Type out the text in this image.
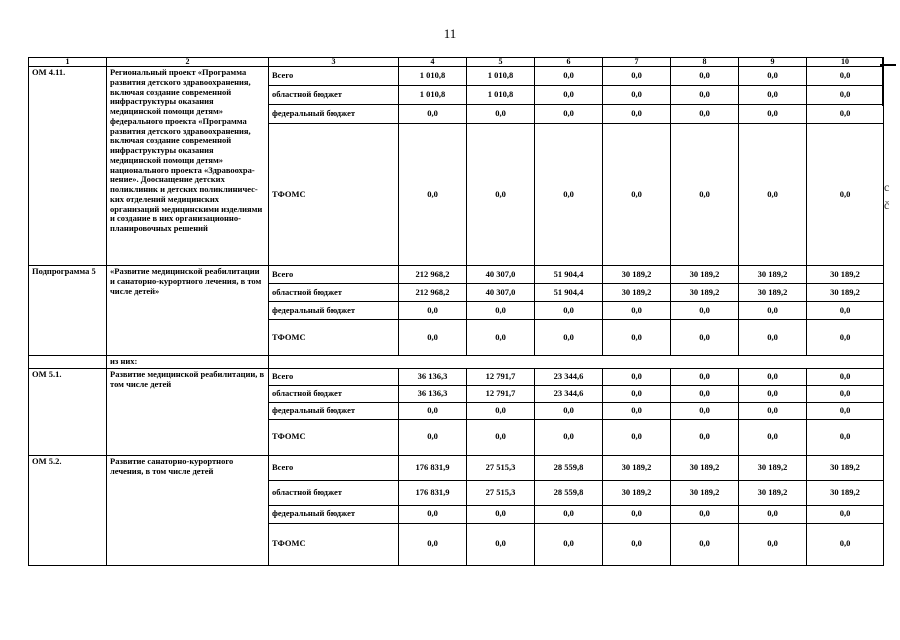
11
c
č
1	2	3	4	5	6	7	8	9	10
ОМ 4.11.	Региональный проект «Программа развития детского здравоохранения, включая создание современной инфраструктуры оказания медицинской помощи детям» федерального проекта «Программа развития детского здравоохранения, включая создание современной инфраструктуры оказания медицинской помощи детям» национального проекта «Здравоохра-нение». Дооснащение детских поликлиник и детских поликлиничес-ких отделений медицинских организаций медицинскими изделиями и создание в них организационно-планировочных решений	Всего	1 010,8	1 010,8	0,0	0,0	0,0	0,0	0,0
		областной бюджет	1 010,8	1 010,8	0,0	0,0	0,0	0,0	0,0
		федеральный бюджет	0,0	0,0	0,0	0,0	0,0	0,0	0,0
		ТФОМС	0,0	0,0	0,0	0,0	0,0	0,0	0,0
Подпрограмма 5	«Развитие медицинской реабилитации и санаторно-курортного лечения, в том числе детей»	Всего	212 968,2	40 307,0	51 904,4	30 189,2	30 189,2	30 189,2	30 189,2
		областной бюджет	212 968,2	40 307,0	51 904,4	30 189,2	30 189,2	30 189,2	30 189,2
		федеральный бюджет	0,0	0,0	0,0	0,0	0,0	0,0	0,0
		ТФОМС	0,0	0,0	0,0	0,0	0,0	0,0	0,0
	из них:								
ОМ 5.1.	Развитие медицинской реабилитации, в том числе детей	Всего	36 136,3	12 791,7	23 344,6	0,0	0,0	0,0	0,0
		областной бюджет	36 136,3	12 791,7	23 344,6	0,0	0,0	0,0	0,0
		федеральный бюджет	0,0	0,0	0,0	0,0	0,0	0,0	0,0
		ТФОМС	0,0	0,0	0,0	0,0	0,0	0,0	0,0
ОМ 5.2.	Развитие санаторно-курортного лечения, в том числе детей	Всего	176 831,9	27 515,3	28 559,8	30 189,2	30 189,2	30 189,2	30 189,2
		областной бюджет	176 831,9	27 515,3	28 559,8	30 189,2	30 189,2	30 189,2	30 189,2
		федеральный бюджет	0,0	0,0	0,0	0,0	0,0	0,0	0,0
		ТФОМС	0,0	0,0	0,0	0,0	0,0	0,0	0,0
